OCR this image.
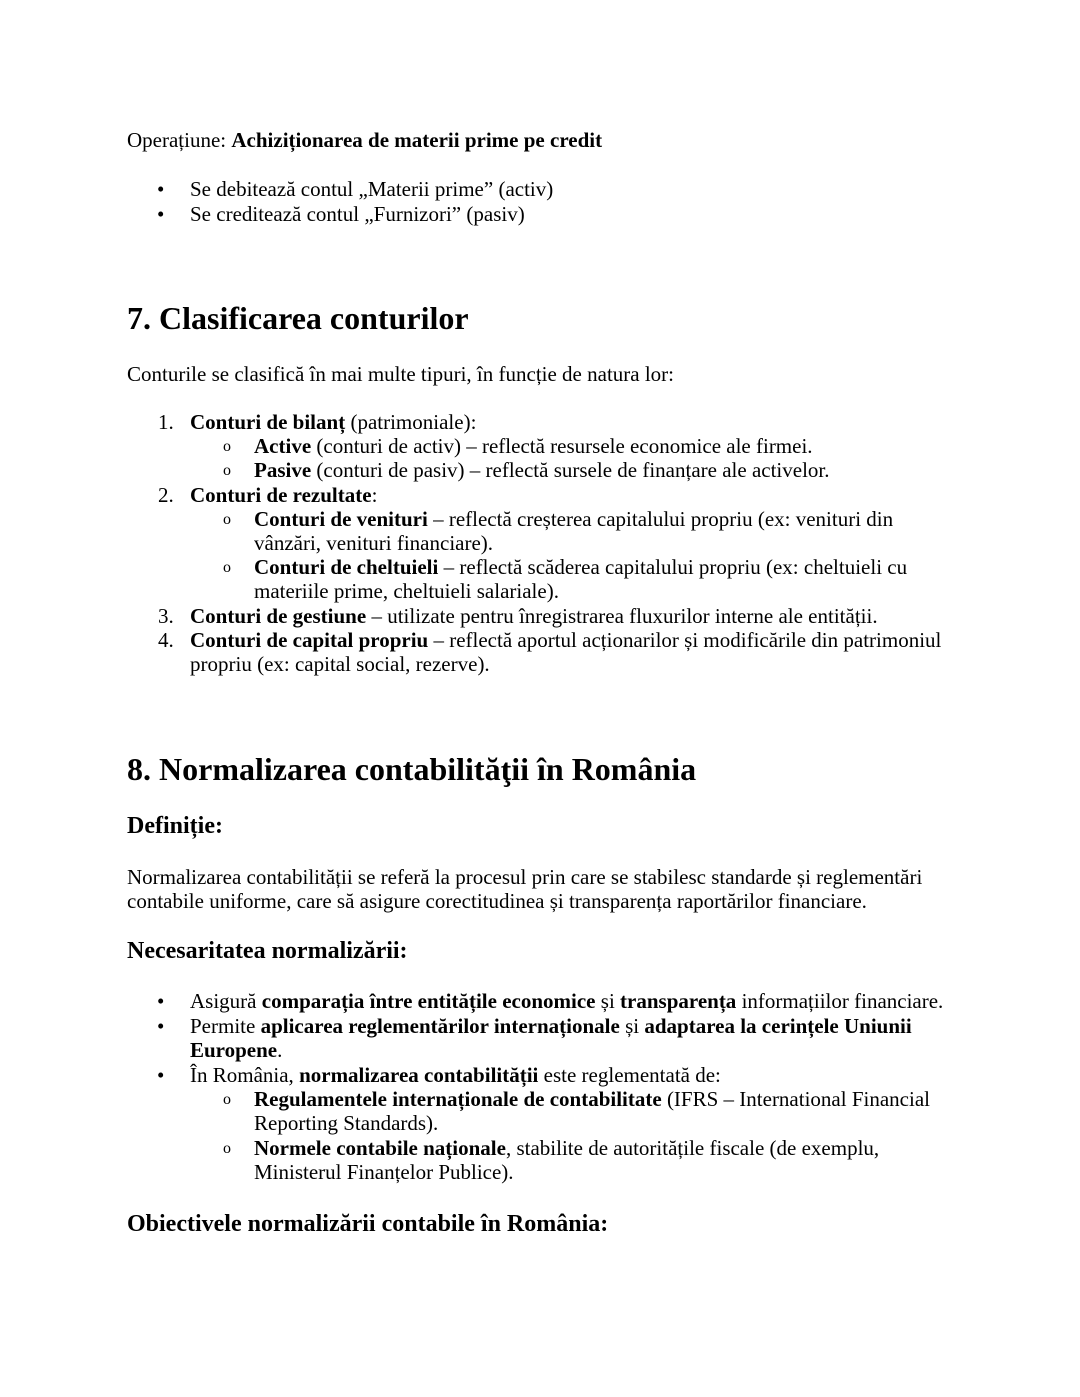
Operațiune: Achiziționarea de materii prime pe credit
• Se debitează contul „Materii prime” (activ)
• Se creditează contul „Furnizori” (pasiv)
7. Clasificarea conturilor
Conturile se clasifică în mai multe tipuri, în funcție de natura lor:
1. Conturi de bilanț (patrimoniale):
o Active (conturi de activ) – reflectă resursele economice ale firmei.
o Pasive (conturi de pasiv) – reflectă sursele de finanțare ale activelor.
2. Conturi de rezultate:
o Conturi de venituri – reflectă creșterea capitalului propriu (ex: venituri din
vânzări, venituri financiare).
o Conturi de cheltuieli – reflectă scăderea capitalului propriu (ex: cheltuieli cu
materiile prime, cheltuieli salariale).
3. Conturi de gestiune – utilizate pentru înregistrarea fluxurilor interne ale entității.
4. Conturi de capital propriu – reflectă aportul acționarilor și modificările din patrimoniul
propriu (ex: capital social, rezerve).
8. Normalizarea contabilităţii în România
Definiție:
Normalizarea contabilității se referă la procesul prin care se stabilesc standarde și reglementări
contabile uniforme, care să asigure corectitudinea și transparența raportărilor financiare.
Necesaritatea normalizării:
• Asigură comparația între entitățile economice și transparența informațiilor financiare.
• Permite aplicarea reglementărilor internaționale și adaptarea la cerințele Uniunii
Europene.
• În România, normalizarea contabilității este reglementată de:
o Regulamentele internaționale de contabilitate (IFRS – International Financial
Reporting Standards).
o Normele contabile naționale, stabilite de autoritățile fiscale (de exemplu,
Ministerul Finanțelor Publice).
Obiectivele normalizării contabile în România:
